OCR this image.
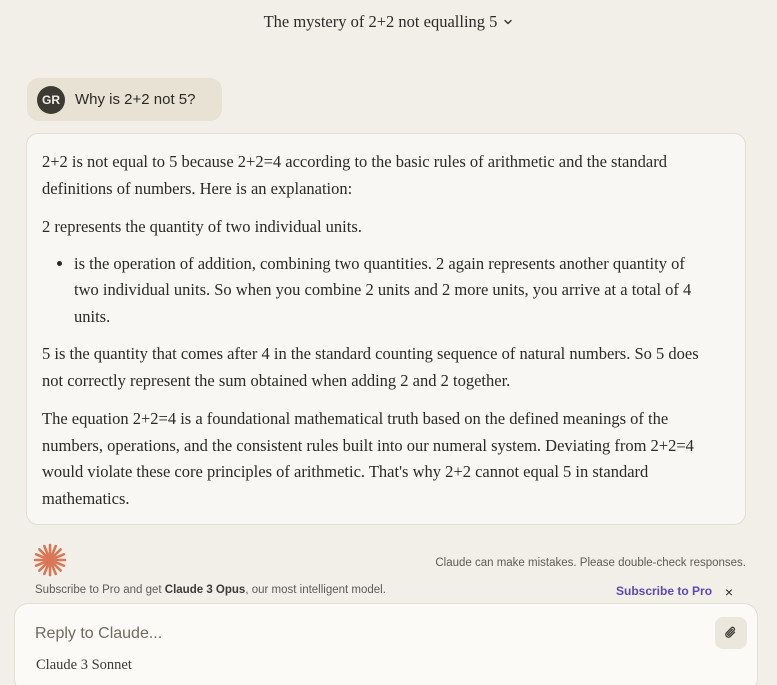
The mystery of 2+2 not equalling 5
GR	Why is 2+2 not 5?

2+2 is not equal to 5 because 2+2=4 according to the basic rules of arithmetic and the standard definitions of numbers. Here is an explanation:

2 represents the quantity of two individual units.

• is the operation of addition, combining two quantities. 2 again represents another quantity of two individual units. So when you combine 2 units and 2 more units, you arrive at a total of 4 units.

5 is the quantity that comes after 4 in the standard counting sequence of natural numbers. So 5 does not correctly represent the sum obtained when adding 2 and 2 together.

The equation 2+2=4 is a foundational mathematical truth based on the defined meanings of the numbers, operations, and the consistent rules built into our numeral system. Deviating from 2+2=4 would violate these core principles of arithmetic. That's why 2+2 cannot equal 5 in standard mathematics.

Claude can make mistakes. Please double-check responses.
Subscribe to Pro and get Claude 3 Opus, our most intelligent model.	Subscribe to Pro ×
Reply to Claude...
Claude 3 Sonnet
